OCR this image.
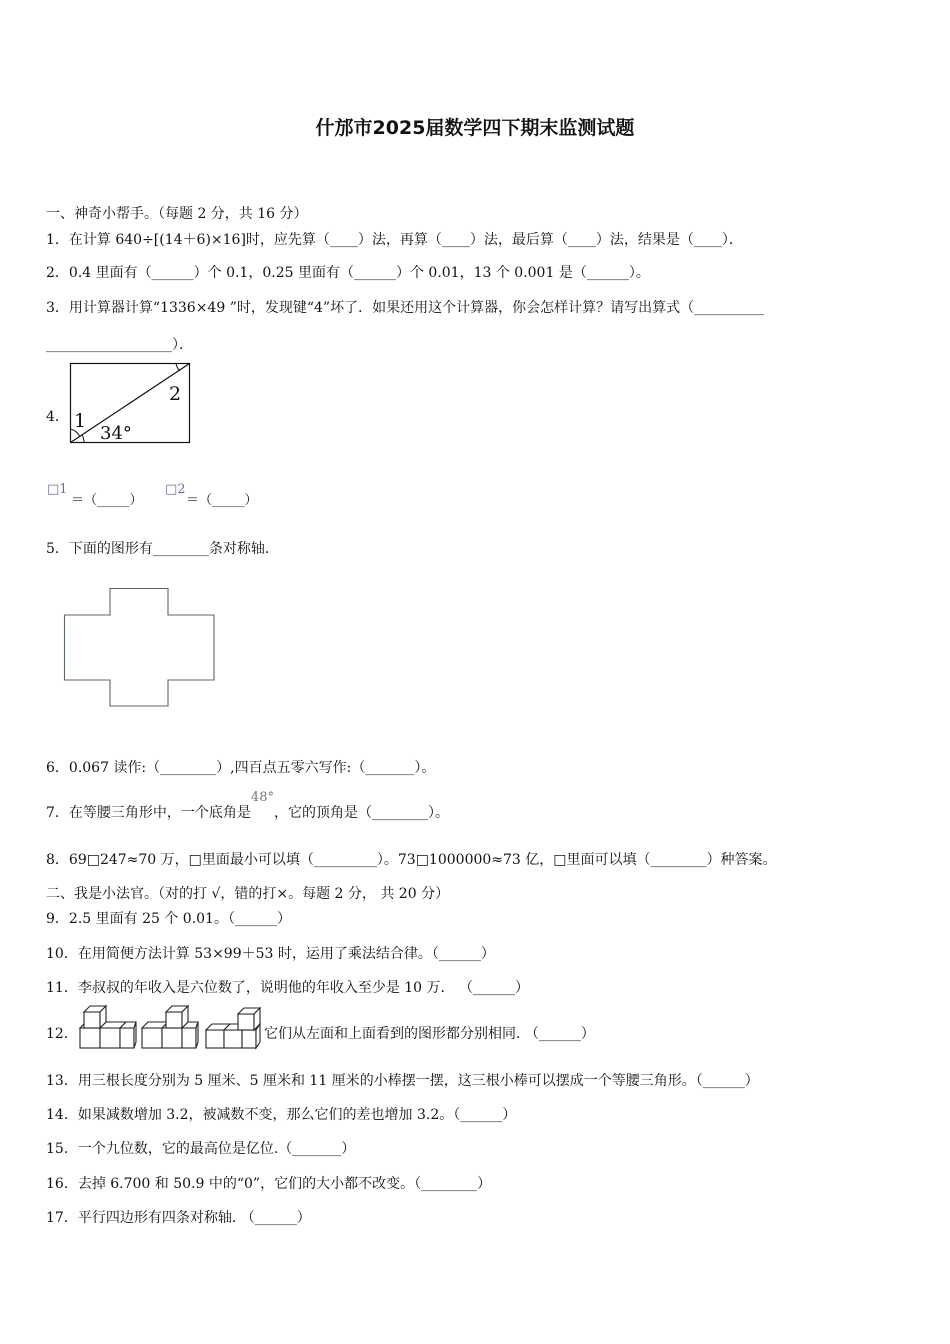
什邡市2025届数学四下期末监测试题
一、神奇小帮手。（每题 2 分，共 16 分）
1．在计算 640÷[(14＋6)×16]时，应先算（____）法，再算（____）法，最后算（____）法，结果是（____）．
2．0.4 里面有（______）个 0.1，0.25 里面有（______）个 0.01，13 个 0.001 是（______）。
3．用计算器计算“1336×49 ”时，发现键“4”坏了．如果还用这个计算器，你会怎样计算？请写出算式（__________
__________________）．
4． 1
2
34°
□1
＝（_____）
□2
＝（_____）
5．下面的图形有________条对称轴.
6．0.067 读作:（________）,四百点五零六写作:（_______）。
7．在等腰三角形中，一个底角是48°，它的顶角是（________）。
8．69□247≈70 万，□里面最小可以填（_________）。73□1000000≈73 亿，□里面可以填（________）种答案。
二、我是小法官。（对的打 √，错的打×。每题 2 分， 共 20 分）
9．2.5 里面有 25 个 0.01。（______）
10．在用简便方法计算 53×99＋53 时，运用了乘法结合律。（______）
11．李叔叔的年收入是六位数了，说明他的年收入至少是 10 万． （______）
12．	它们从左面和上面看到的图形都分别相同. （______）
13．用三根长度分别为 5 厘米、5 厘米和 11 厘米的小棒摆一摆，这三根小棒可以摆成一个等腰三角形。（______）
14．如果减数增加 3.2，被减数不变，那么它们的差也增加 3.2。（______）
15．一个九位数，它的最高位是亿位.（_______）
16．去掉 6.700 和 50.9 中的“0”，它们的大小都不改变。（________）
17．平行四边形有四条对称轴. （______）
